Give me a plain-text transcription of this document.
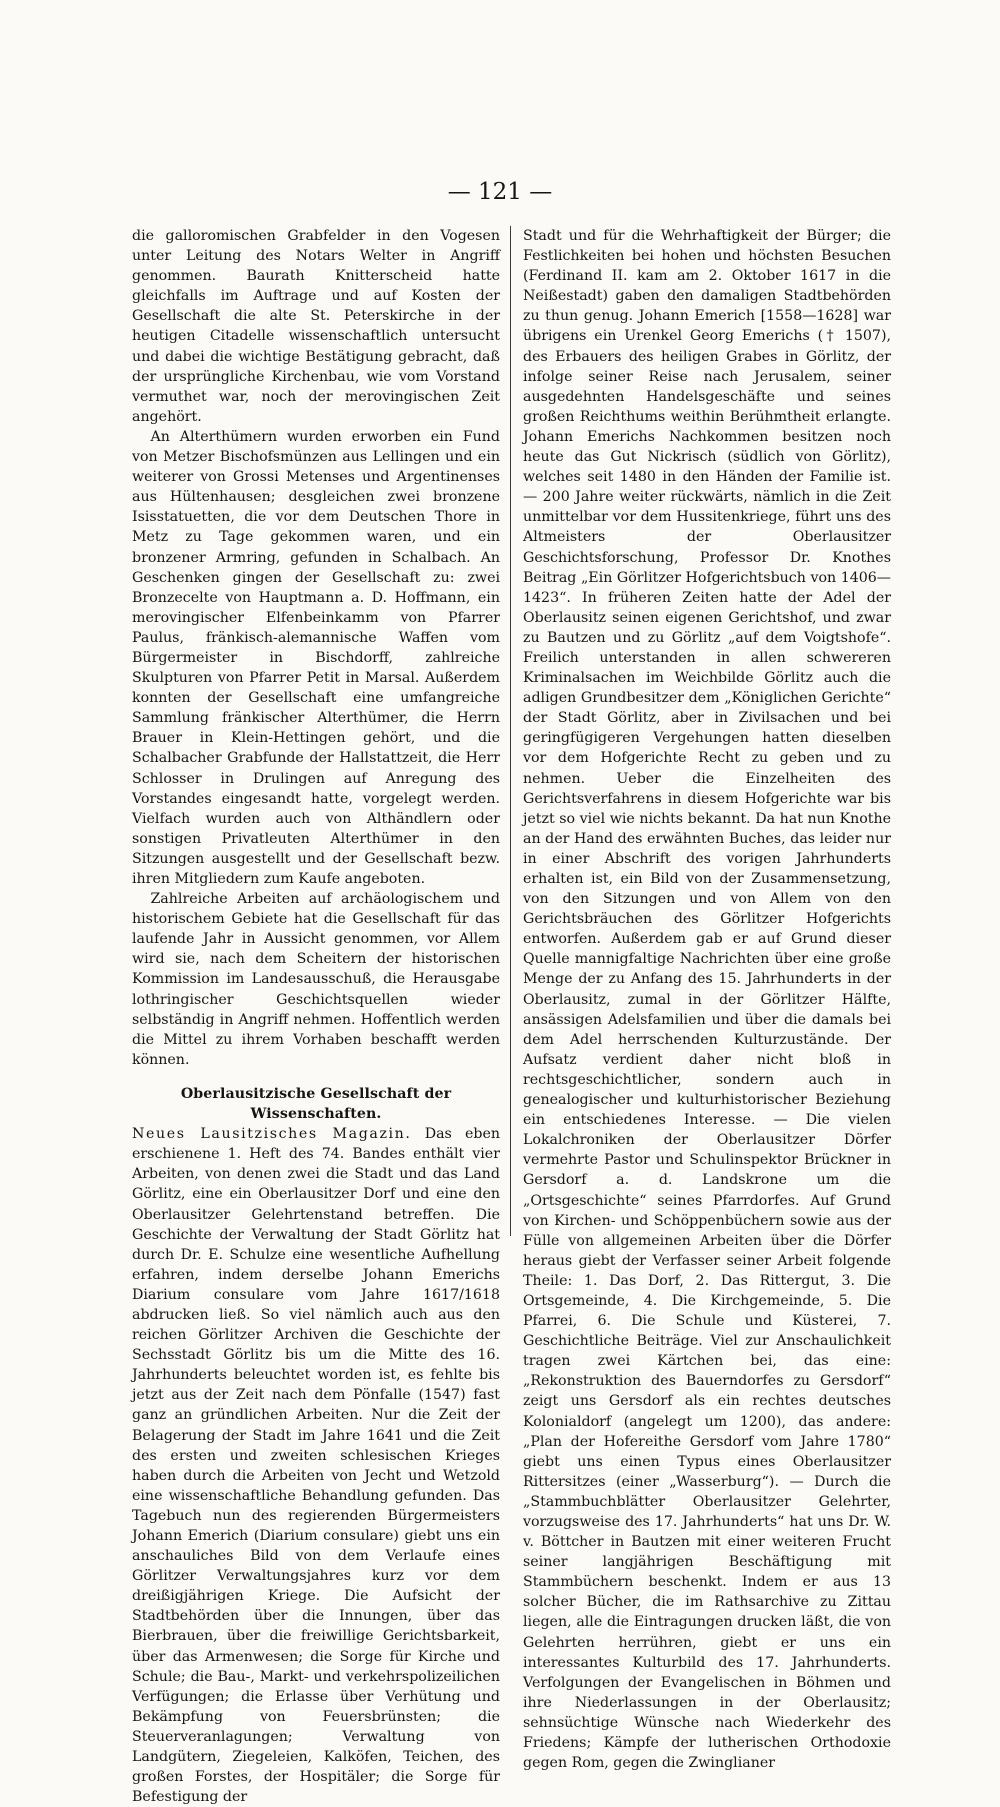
— 121 —

die galloromischen Grabfelder in den Vogesen unter Leitung des Notars Welter in Angriff genommen. Baurath Knitterscheid hatte gleichfalls im Auftrage und auf Kosten der Gesellschaft die alte St. Peterskirche in der heutigen Citadelle wissenschaftlich untersucht und dabei die wichtige Bestätigung gebracht, daß der ursprüngliche Kirchenbau, wie vom Vorstand vermuthet war, noch der merovingischen Zeit angehört.

An Alterthümern wurden erworben ein Fund von Metzer Bischofsmünzen aus Lellingen und ein weiterer von Grossi Metenses und Argentinenses aus Hültenhausen; desgleichen zwei bronzene Isisstatuetten, die vor dem Deutschen Thore in Metz zu Tage gekommen waren, und ein bronzener Armring, gefunden in Schalbach. An Geschenken gingen der Gesellschaft zu: zwei Bronzecelte von Hauptmann a. D. Hoffmann, ein merovingischer Elfenbeinkamm von Pfarrer Paulus, fränkisch-alemannische Waffen vom Bürgermeister in Bischdorff, zahlreiche Skulpturen von Pfarrer Petit in Marsal. Außerdem konnten der Gesellschaft eine umfangreiche Sammlung fränkischer Alterthümer, die Herrn Brauer in Klein-Hettingen gehört, und die Schalbacher Grabfunde der Hallstattzeit, die Herr Schlosser in Drulingen auf Anregung des Vorstandes eingesandt hatte, vorgelegt werden. Vielfach wurden auch von Althändlern oder sonstigen Privatleuten Alterthümer in den Sitzungen ausgestellt und der Gesellschaft bezw. ihren Mitgliedern zum Kaufe angeboten.

Zahlreiche Arbeiten auf archäologischem und historischem Gebiete hat die Gesellschaft für das laufende Jahr in Aussicht genommen, vor Allem wird sie, nach dem Scheitern der historischen Kommission im Landesausschuß, die Herausgabe lothringischer Geschichtsquellen wieder selbständig in Angriff nehmen. Hoffentlich werden die Mittel zu ihrem Vorhaben beschafft werden können.

Oberlausitzische Gesellschaft der Wissenschaften.

Neues Lausitzisches Magazin. Das eben erschienene 1. Heft des 74. Bandes enthält vier Arbeiten, von denen zwei die Stadt und das Land Görlitz, eine ein Oberlausitzer Dorf und eine den Oberlausitzer Gelehrtenstand betreffen. Die Geschichte der Verwaltung der Stadt Görlitz hat durch Dr. E. Schulze eine wesentliche Aufhellung erfahren, indem derselbe Johann Emerichs Diarium consulare vom Jahre 1617/1618 abdrucken ließ. So viel nämlich auch aus den reichen Görlitzer Archiven die Geschichte der Sechsstadt Görlitz bis um die Mitte des 16. Jahrhunderts beleuchtet worden ist, es fehlte bis jetzt aus der Zeit nach dem Pönfalle (1547) fast ganz an gründlichen Arbeiten. Nur die Zeit der Belagerung der Stadt im Jahre 1641 und die Zeit des ersten und zweiten schlesischen Krieges haben durch die Arbeiten von Jecht und Wetzold eine wissenschaftliche Behandlung gefunden. Das Tagebuch nun des regierenden Bürgermeisters Johann Emerich (Diarium consulare) giebt uns ein anschauliches Bild von dem Verlaufe eines Görlitzer Verwaltungsjahres kurz vor dem dreißigjährigen Kriege. Die Aufsicht der Stadtbehörden über die Innungen, über das Bierbrauen, über die freiwillige Gerichtsbarkeit, über das Armenwesen; die Sorge für Kirche und Schule; die Bau-, Markt- und verkehrspolizeilichen Verfügungen; die Erlasse über Verhütung und Bekämpfung von Feuersbrünsten; die Steuerveranlagungen; Verwaltung von Landgütern, Ziegeleien, Kalköfen, Teichen, des großen Forstes, der Hospitäler; die Sorge für Befestigung der

Stadt und für die Wehrhaftigkeit der Bürger; die Festlichkeiten bei hohen und höchsten Besuchen (Ferdinand II. kam am 2. Oktober 1617 in die Neißestadt) gaben den damaligen Stadtbehörden zu thun genug. Johann Emerich [1558—1628] war übrigens ein Urenkel Georg Emerichs († 1507), des Erbauers des heiligen Grabes in Görlitz, der infolge seiner Reise nach Jerusalem, seiner ausgedehnten Handelsgeschäfte und seines großen Reichthums weithin Berühmtheit erlangte. Johann Emerichs Nachkommen besitzen noch heute das Gut Nickrisch (südlich von Görlitz), welches seit 1480 in den Händen der Familie ist. — 200 Jahre weiter rückwärts, nämlich in die Zeit unmittelbar vor dem Hussitenkriege, führt uns des Altmeisters der Oberlausitzer Geschichtsforschung, Professor Dr. Knothes Beitrag „Ein Görlitzer Hofgerichtsbuch von 1406—1423“. In früheren Zeiten hatte der Adel der Oberlausitz seinen eigenen Gerichtshof, und zwar zu Bautzen und zu Görlitz „auf dem Voigtshofe“. Freilich unterstanden in allen schwereren Kriminalsachen im Weichbilde Görlitz auch die adligen Grundbesitzer dem „Königlichen Gerichte“ der Stadt Görlitz, aber in Zivilsachen und bei geringfügigeren Vergehungen hatten dieselben vor dem Hofgerichte Recht zu geben und zu nehmen. Ueber die Einzelheiten des Gerichtsverfahrens in diesem Hofgerichte war bis jetzt so viel wie nichts bekannt. Da hat nun Knothe an der Hand des erwähnten Buches, das leider nur in einer Abschrift des vorigen Jahrhunderts erhalten ist, ein Bild von der Zusammensetzung, von den Sitzungen und von Allem von den Gerichtsbräuchen des Görlitzer Hofgerichts entworfen. Außerdem gab er auf Grund dieser Quelle mannigfaltige Nachrichten über eine große Menge der zu Anfang des 15. Jahrhunderts in der Oberlausitz, zumal in der Görlitzer Hälfte, ansässigen Adelsfamilien und über die damals bei dem Adel herrschenden Kulturzustände. Der Aufsatz verdient daher nicht bloß in rechtsgeschichtlicher, sondern auch in genealogischer und kulturhistorischer Beziehung ein entschiedenes Interesse. — Die vielen Lokalchroniken der Oberlausitzer Dörfer vermehrte Pastor und Schulinspektor Brückner in Gersdorf a. d. Landskrone um die „Ortsgeschichte“ seines Pfarrdorfes. Auf Grund von Kirchen- und Schöppenbüchern sowie aus der Fülle von allgemeinen Arbeiten über die Dörfer heraus giebt der Verfasser seiner Arbeit folgende Theile: 1. Das Dorf, 2. Das Rittergut, 3. Die Ortsgemeinde, 4. Die Kirchgemeinde, 5. Die Pfarrei, 6. Die Schule und Küsterei, 7. Geschichtliche Beiträge. Viel zur Anschaulichkeit tragen zwei Kärtchen bei, das eine: „Rekonstruktion des Bauerndorfes zu Gersdorf“ zeigt uns Gersdorf als ein rechtes deutsches Kolonialdorf (angelegt um 1200), das andere: „Plan der Hofereithe Gersdorf vom Jahre 1780“ giebt uns einen Typus eines Oberlausitzer Rittersitzes (einer „Wasserburg“). — Durch die „Stammbuchblätter Oberlausitzer Gelehrter, vorzugsweise des 17. Jahrhunderts“ hat uns Dr. W. v. Böttcher in Bautzen mit einer weiteren Frucht seiner langjährigen Beschäftigung mit Stammbüchern beschenkt. Indem er aus 13 solcher Bücher, die im Rathsarchive zu Zittau liegen, alle die Eintragungen drucken läßt, die von Gelehrten herrühren, giebt er uns ein interessantes Kulturbild des 17. Jahrhunderts. Verfolgungen der Evangelischen in Böhmen und ihre Niederlassungen in der Oberlausitz; sehnsüchtige Wünsche nach Wiederkehr des Friedens; Kämpfe der lutherischen Orthodoxie gegen Rom, gegen die Zwinglianer
